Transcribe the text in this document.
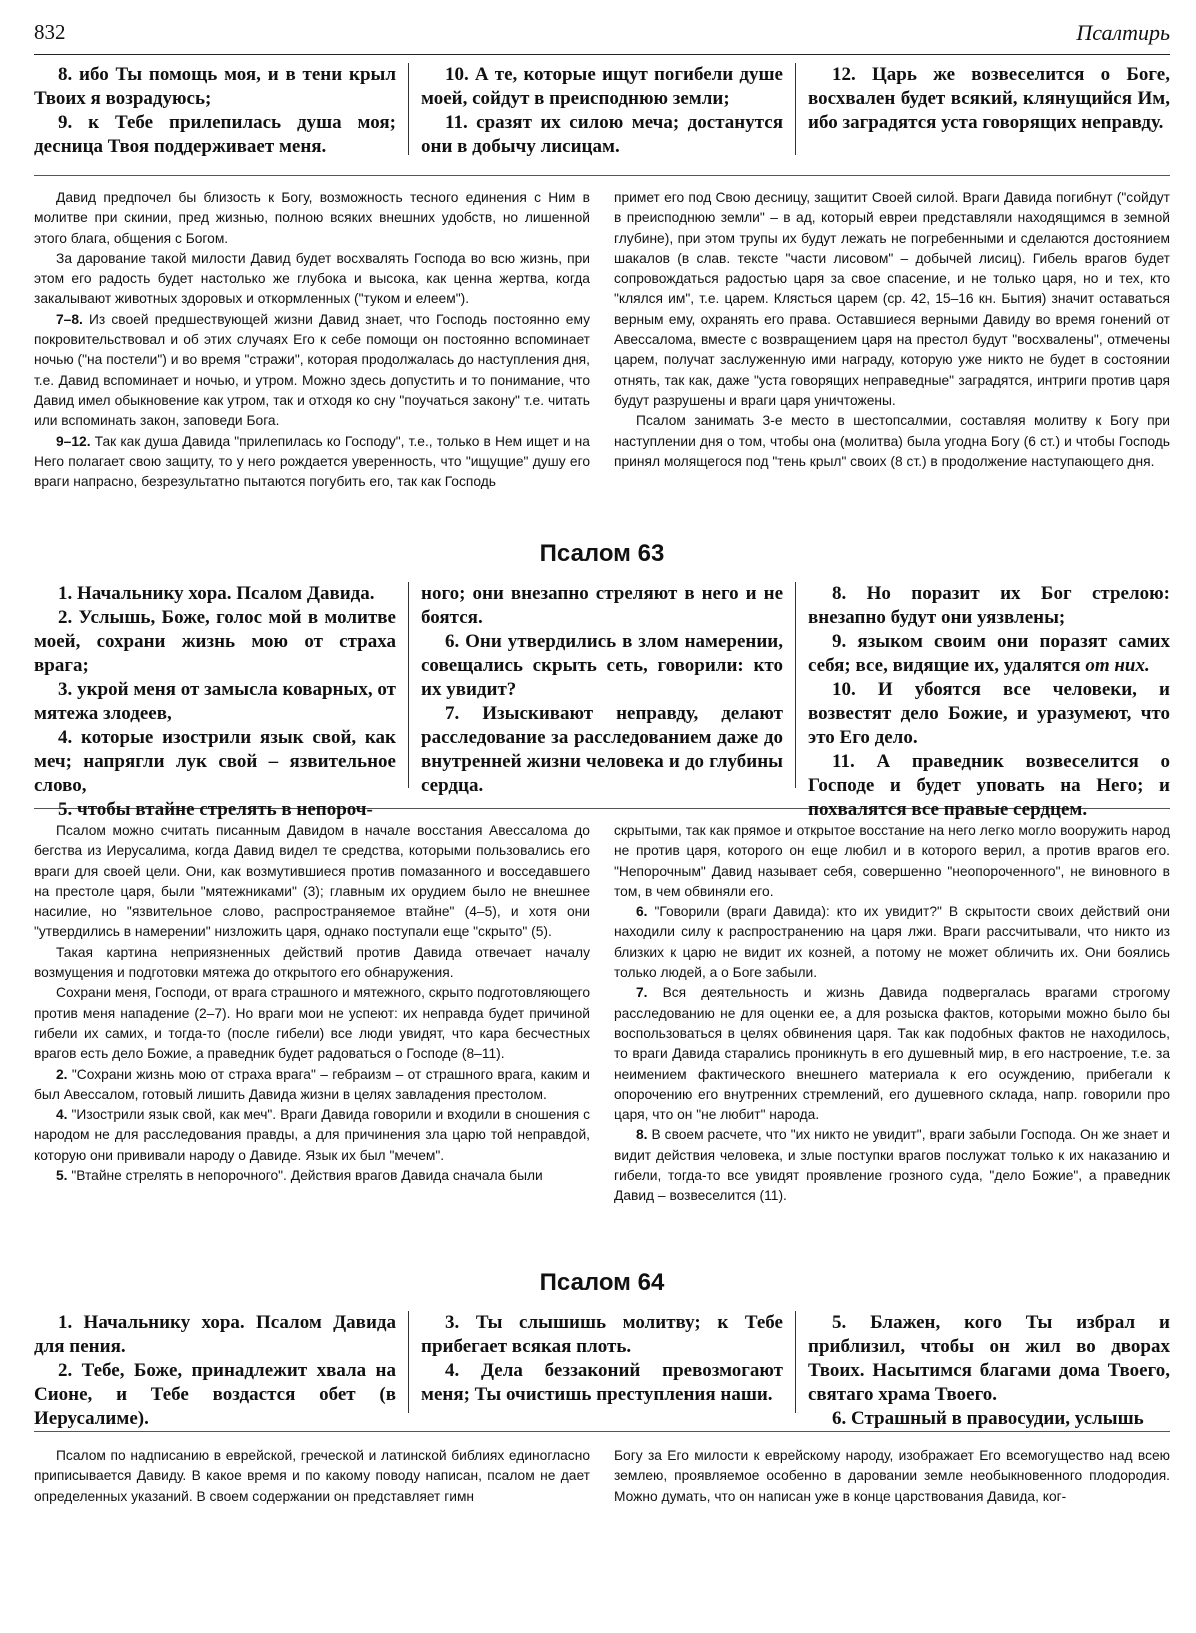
832	Псалтирь

8. ибо Ты помощь моя, и в тени крыл Твоих я возрадуюсь;

9. к Тебе прилепилась душа моя; десница Твоя поддерживает меня.

10. А те, которые ищут погибели душе моей, сойдут в преисподнюю земли;

11. сразят их силою меча; достанутся они в добычу лисицам.

12. Царь же возвеселится о Боге, восхвален будет всякий, клянущийся Им, ибо заградятся уста говорящих неправду.

Давид предпочел бы близость к Богу, возможность тесного единения с Ним в молитве при скинии, пред жизнью, полною всяких внешних удобств, но лишенной этого блага, общения с Богом.

За дарование такой милости Давид будет восхвалять Господа во всю жизнь, при этом его радость будет настолько же глубока и высока, как ценна жертва, когда закалывают животных здоровых и откормленных ("туком и елеем").

7–8. Из своей предшествующей жизни Давид знает, что Господь постоянно ему покровительствовал и об этих случаях Его к себе помощи он постоянно вспоминает ночью ("на постели") и во время "стражи", которая продолжалась до наступления дня, т.е. Давид вспоминает и ночью, и утром. Можно здесь допустить и то понимание, что Давид имел обыкновение как утром, так и отходя ко сну "поучаться закону" т.е. читать или вспоминать закон, заповеди Бога.

9–12. Так как душа Давида "прилепилась ко Господу", т.е., только в Нем ищет и на Него полагает свою защиту, то у него рождается уверенность, что "ищущие" душу его враги напрасно, безрезультатно пытаются погубить его, так как Господь

примет его под Свою десницу, защитит Своей силой. Враги Давида погибнут ("сойдут в преисподнюю земли" – в ад, который евреи представляли находящимся в земной глубине), при этом трупы их будут лежать не погребенными и сделаются достоянием шакалов (в слав. тексте "части лисовом" – добычей лисиц). Гибель врагов будет сопровождаться радостью царя за свое спасение, и не только царя, но и тех, кто "клялся им", т.е. царем. Клясться царем (ср. 42, 15–16 кн. Бытия) значит оставаться верным ему, охранять его права. Оставшиеся верными Давиду во время гонений от Авессалома, вместе с возвращением царя на престол будут "восхвалены", отмечены царем, получат заслуженную ими награду, которую уже никто не будет в состоянии отнять, так как, даже "уста говорящих неправедные" заградятся, интриги против царя будут разрушены и враги царя уничтожены.

Псалом занимать 3-е место в шестопсалмии, составляя молитву к Богу при наступлении дня о том, чтобы она (молитва) была угодна Богу (6 ст.) и чтобы Господь принял молящегося под "тень крыл" своих (8 ст.) в продолжение наступающего дня.

Псалом 63

1. Начальнику хора. Псалом Давида.

2. Услышь, Боже, голос мой в молитве моей, сохрани жизнь мою от страха врага;

3. укрой меня от замысла коварных, от мятежа злодеев,

4. которые изострили язык свой, как меч; напрягли лук свой – язвительное слово,

5. чтобы втайне стрелять в непороч-

ного; они внезапно стреляют в него и не боятся.

6. Они утвердились в злом намерении, совещались скрыть сеть, говорили: кто их увидит?

7. Изыскивают неправду, делают расследование за расследованием даже до внутренней жизни человека и до глубины сердца.

8. Но поразит их Бог стрелою: внезапно будут они уязвлены;

9. языком своим они поразят самих себя; все, видящие их, удалятся от них.

10. И убоятся все человеки, и возвестят дело Божие, и уразумеют, что это Его дело.

11. А праведник возвеселится о Господе и будет уповать на Него; и похвалятся все правые сердцем.

Псалом можно считать писанным Давидом в начале восстания Авессалома до бегства из Иерусалима, когда Давид видел те средства, которыми пользовались его враги для своей цели. Они, как возмутившиеся против помазанного и восседавшего на престоле царя, были "мятежниками" (3); главным их орудием было не внешнее насилие, но "язвительное слово, распространяемое втайне" (4–5), и хотя они "утвердились в намерении" низложить царя, однако поступали еще "скрыто" (5).

Такая картина неприязненных действий против Давида отвечает началу возмущения и подготовки мятежа до открытого его обнаружения.

Сохрани меня, Господи, от врага страшного и мятежного, скрыто подготовляющего против меня нападение (2–7). Но враги мои не успеют: их неправда будет причиной гибели их самих, и тогда-то (после гибели) все люди увидят, что кара бесчестных врагов есть дело Божие, а праведник будет радоваться о Господе (8–11).

2. "Сохрани жизнь мою от страха врага" – гебраизм – от страшного врага, каким и был Авессалом, готовый лишить Давида жизни в целях завладения престолом.

4. "Изострили язык свой, как меч". Враги Давида говорили и входили в сношения с народом не для расследования правды, а для причинения зла царю той неправдой, которую они прививали народу о Давиде. Язык их был "мечем".

5. "Втайне стрелять в непорочного". Действия врагов Давида сначала были

скрытыми, так как прямое и открытое восстание на него легко могло вооружить народ не против царя, которого он еще любил и в которого верил, а против врагов его. "Непорочным" Давид называет себя, совершенно "неопороченного", не виновного в том, в чем обвиняли его.

6. "Говорили (враги Давида): кто их увидит?" В скрытости своих действий они находили силу к распространению на царя лжи. Враги рассчитывали, что никто из близких к царю не видит их козней, а потому не может обличить их. Они боялись только людей, а о Боге забыли.

7. Вся деятельность и жизнь Давида подвергалась врагами строгому расследованию не для оценки ее, а для розыска фактов, которыми можно было бы воспользоваться в целях обвинения царя. Так как подобных фактов не находилось, то враги Давида старались проникнуть в его душевный мир, в его настроение, т.е. за неимением фактического внешнего материала к его осуждению, прибегали к опорочению его внутренних стремлений, его душевного склада, напр. говорили про царя, что он "не любит" народа.

8. В своем расчете, что "их никто не увидит", враги забыли Господа. Он же знает и видит действия человека, и злые поступки врагов послужат только к их наказанию и гибели, тогда-то все увидят проявление грозного суда, "дело Божие", а праведник Давид – возвеселится (11).

Псалом 64

1. Начальнику хора. Псалом Давида для пения.

2. Тебе, Боже, принадлежит хвала на Сионе, и Тебе воздастся обет (в Иерусалиме).

3. Ты слышишь молитву; к Тебе прибегает всякая плоть.

4. Дела беззаконий превозмогают меня; Ты очистишь преступления наши.

5. Блажен, кого Ты избрал и приблизил, чтобы он жил во дворах Твоих. Насытимся благами дома Твоего, святаго храма Твоего.

6. Страшный в правосудии, услышь

Псалом по надписанию в еврейской, греческой и латинской библиях единогласно приписывается Давиду. В какое время и по какому поводу написан, псалом не дает определенных указаний. В своем содержании он представляет гимн

Богу за Его милости к еврейскому народу, изображает Его всемогущество над всею землею, проявляемое особенно в даровании земле необыкновенного плодородия. Можно думать, что он написан уже в конце царствования Давида, ког-
